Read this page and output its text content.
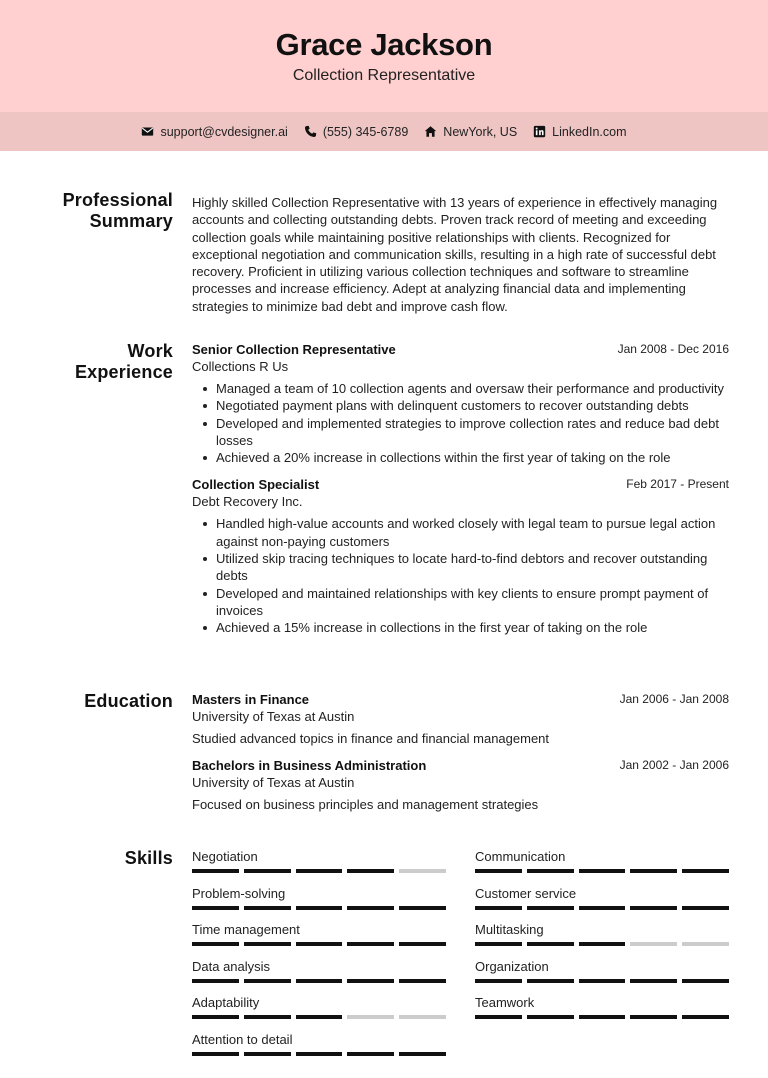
Grace Jackson
Collection Representative
support@cvdesigner.ai	(555) 345-6789	NewYork, US	LinkedIn.com
Professional
Summary

Highly skilled Collection Representative with 13 years of experience in effectively managing accounts and collecting outstanding debts. Proven track record of meeting and exceeding collection goals while maintaining positive relationships with clients. Recognized for exceptional negotiation and communication skills, resulting in a high rate of successful debt recovery. Proficient in utilizing various collection techniques and software to streamline processes and increase efficiency. Adept at analyzing financial data and implementing strategies to minimize bad debt and improve cash flow.

Work
Experience
Senior Collection Representative	Jan 2008 - Dec 2016
Collections R Us
Managed a team of 10 collection agents and oversaw their performance and productivity
Negotiated payment plans with delinquent customers to recover outstanding debts
Developed and implemented strategies to improve collection rates and reduce bad debt losses
Achieved a 20% increase in collections within the first year of taking on the role
Collection Specialist	Feb 2017 - Present
Debt Recovery Inc.
Handled high-value accounts and worked closely with legal team to pursue legal action against non-paying customers
Utilized skip tracing techniques to locate hard-to-find debtors and recover outstanding debts
Developed and maintained relationships with key clients to ensure prompt payment of invoices
Achieved a 15% increase in collections in the first year of taking on the role
Education Masters in Finance	Jan 2006 - Jan 2008
University of Texas at Austin
Studied advanced topics in finance and financial management
Bachelors in Business Administration	Jan 2002 - Jan 2006
University of Texas at Austin
Focused on business principles and management strategies
Skills Negotiation	Communication
Problem-solving	Customer service
Time management	Multitasking
Data analysis	Organization
Adaptability	Teamwork
Attention to detail
